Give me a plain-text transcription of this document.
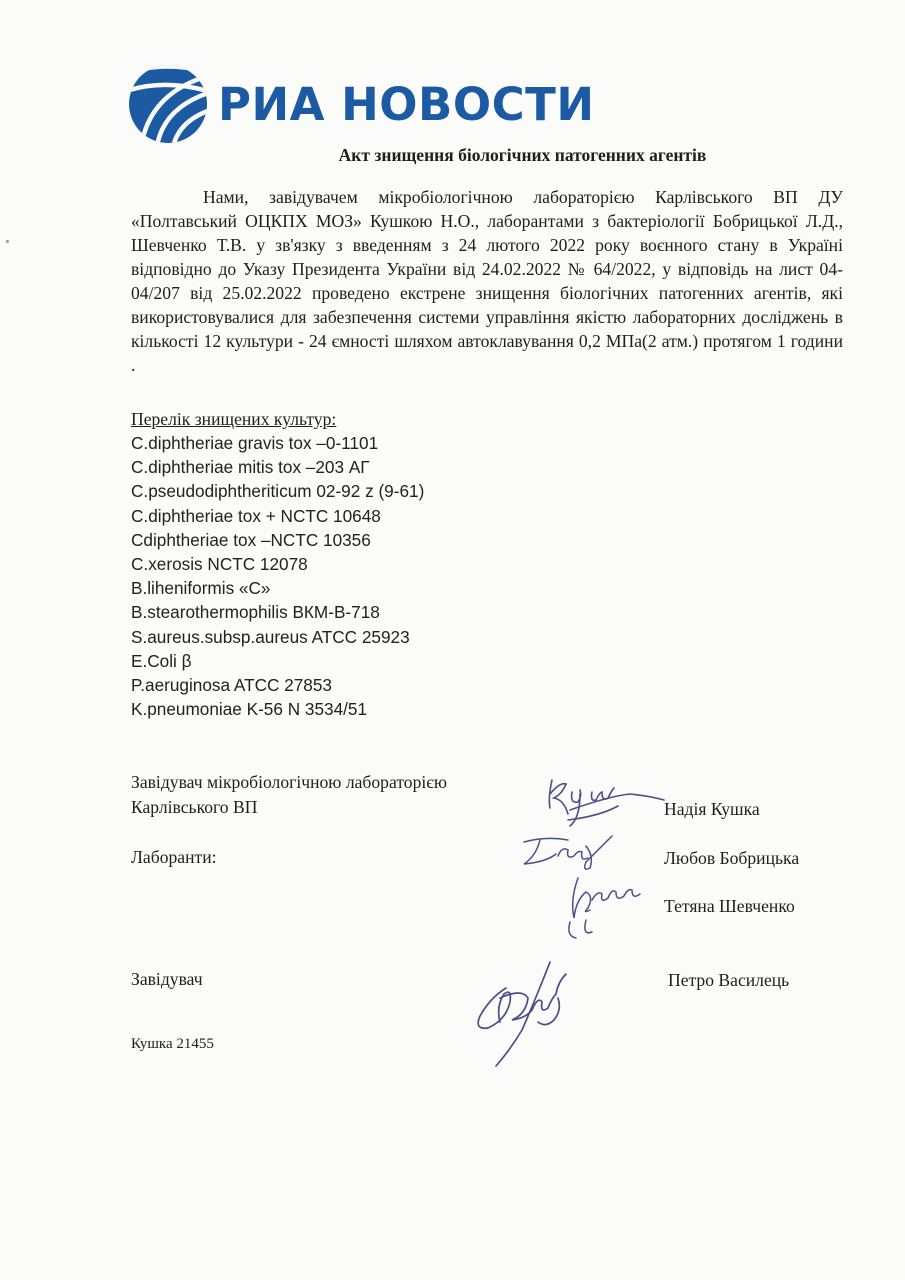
РИА НОВОСТИ
Акт знищення біологічних патогенних агентів

Нами, завідувачем мікробіологічною лабораторією Карлівського ВП ДУ «Полтавський ОЦКПХ МОЗ» Кушкою Н.О., лаборантами з бактеріології Бобрицької Л.Д., Шевченко Т.В. у зв'язку з введенням з 24 лютого 2022 року воєнного стану в Україні відповідно до Указу Президента України від 24.02.2022 № 64/2022, у відповідь на лист 04-04/207 від 25.02.2022 проведено екстрене знищення біологічних патогенних агентів, які використовувалися для забезпечення системи управління якістю лабораторних досліджень в кількості 12 культури - 24 ємності шляхом автоклавування 0,2 МПа(2 атм.) протягом 1 години .

Перелік знищених культур:
C.diphtheriae gravis tox –0-1101
C.diphtheriae mitis tox –203 АГ
C.pseudodiphtheriticum 02-92 z (9-61)
C.diphtheriae tox + NCTC 10648
Cdiphtheriae tox –NCTC 10356
C.xerosis NCTC 12078
B.liheniformis «C»
B.stearothermophilis ВКМ-В-718
S.aureus.subsp.aureus ATCC 25923
E.Coli β
P.aeruginosa ATCC 27853
K.pneumoniae K-56 N 3534/51
Завідувач мікробіологічною лабораторією
Карлівського ВП	Надія Кушка
Лаборанти:	Любов Бобрицька
Тетяна Шевченко
Завідувач	Петро Василець
Кушка 21455
